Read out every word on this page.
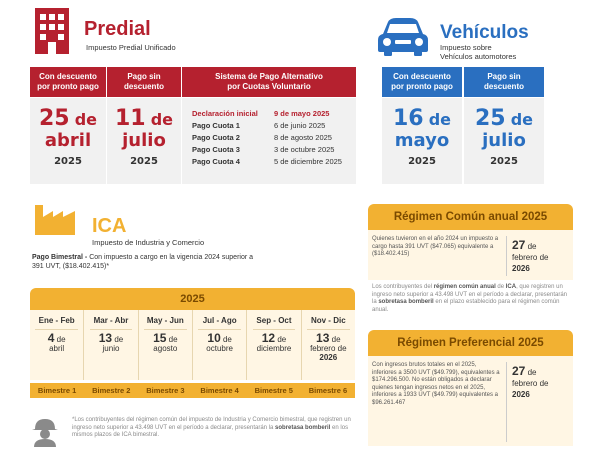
Predial
Impuesto Predial Unificado
Con descuento por pronto pago
Pago sin descuento
Sistema de Pago Alternativo por Cuotas Voluntario
25 de
abril
2025
11 de
julio
2025
Declaración inicial 9 de mayo 2025
Pago Cuota 1	6 de junio 2025
Pago Cuota 2	8 de agosto 2025
Pago Cuota 3	3 de octubre 2025
Pago Cuota 4	5 de diciembre 2025
Vehículos
Impuesto sobre
Vehículos automotores
Con descuento por pronto pago
Pago sin descuento
16 de
mayo
2025
25 de
julio
2025
ICA
Impuesto de Industria y Comercio
Pago Bimestral - Con impuesto a cargo en la vigencia 2024 superior a 391 UVT, ($18.402.415)*
2025
Ene - Feb
4 de
abril

Mar - Abr
13 de
junio

May - Jun
15 de
agosto

Jul - Ago
10 de
octubre

Sep - Oct
12 de
diciembre

Nov - Dic
13 de
febrero de
2026
Bimestre 1	Bimestre 2	Bimestre 3	Bimestre 4	Bimestre 5	Bimestre 6
*Los contribuyentes del régimen común del impuesto de Industria y Comercio bimestral, que registren un ingreso neto superior a 43.498 UVT en el período a declarar, presentarán la sobretasa bomberil en los mismos plazos de ICA bimestral.
Régimen Común anual 2025
Quienes tuvieron en el año 2024 un impuesto a cargo hasta 391 UVT ($47.065) equivalente a ($18.402.415)
27 de
febrero de
2026
Los contribuyentes del régimen común anual de ICA, que registren un ingreso neto superior a 43.498 UVT en el período a declarar, presentarán la sobretasa bomberil en el plazo establecido para el régimen común anual.
Régimen Preferencial 2025
Con ingresos brutos totales en el 2025, inferiores a 3500 UVT ($49.799), equivalentes a $174.296.500. No están obligados a declarar quienes tengan ingresos netos en el 2025, inferiores a 1933 UVT ($49.799) equivalentes a $96.261.467
27 de
febrero de
2026
